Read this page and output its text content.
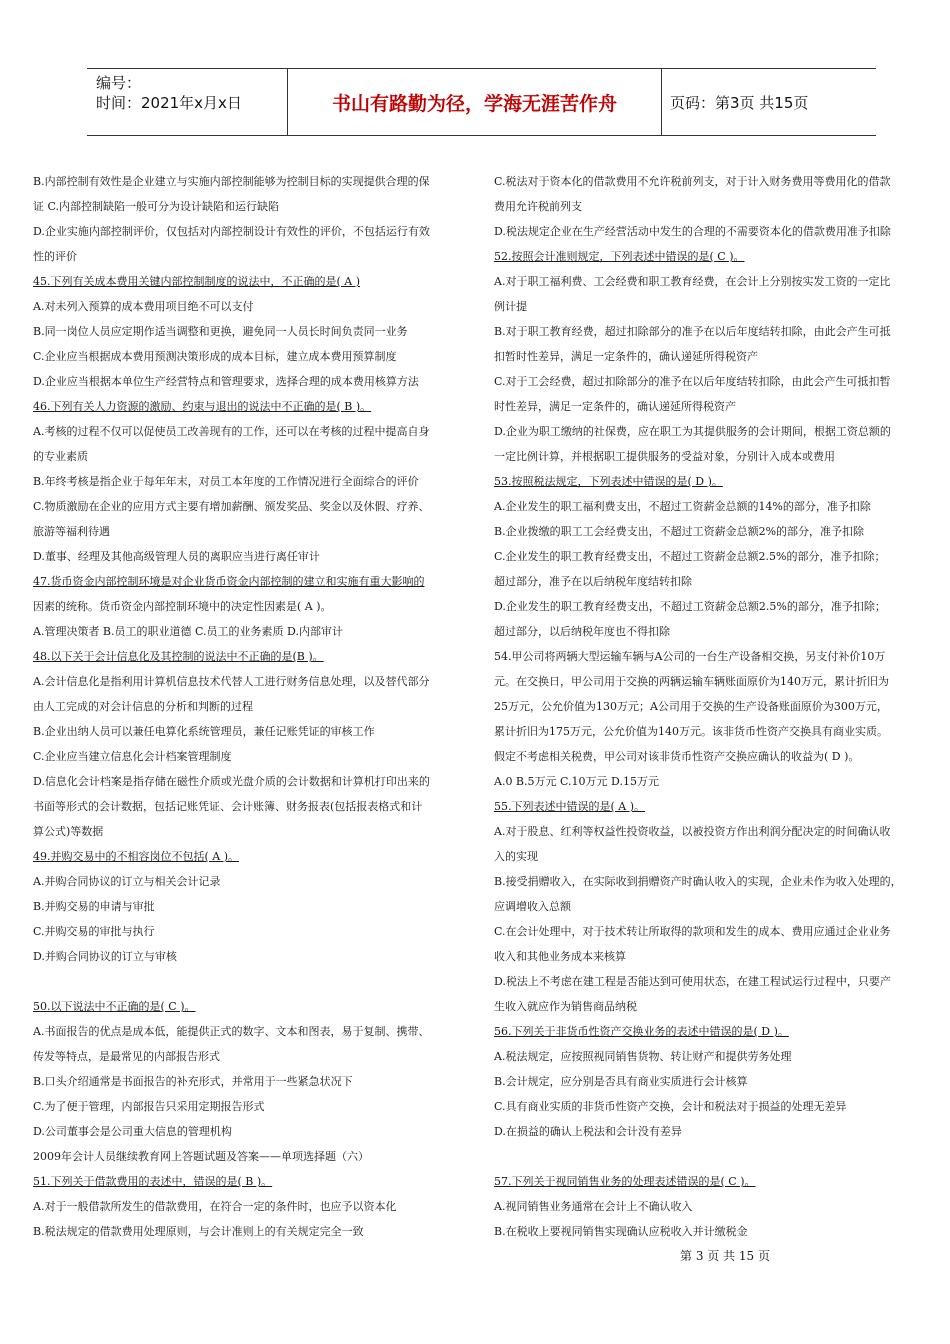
编号：
时间：2021年x月x日	书山有路勤为径，学海无涯苦作舟	页码：第3页 共15页

B.内部控制有效性是企业建立与实施内部控制能够为控制目标的实现提供合理的保

证 C.内部控制缺陷一般可分为设计缺陷和运行缺陷

D.企业实施内部控制评价，仅包括对内部控制设计有效性的评价，不包括运行有效

性的评价

45.下列有关成本费用关键内部控制制度的说法中，不正确的是( A )

A.对未列入预算的成本费用项目绝不可以支付

B.同一岗位人员应定期作适当调整和更换，避免同一人员长时间负责同一业务

C.企业应当根据成本费用预测决策形成的成本目标，建立成本费用预算制度

D.企业应当根据本单位生产经营特点和管理要求，选择合理的成本费用核算方法

46.下列有关人力资源的激励、约束与退出的说法中不正确的是( B )。

A.考核的过程不仅可以促使员工改善现有的工作，还可以在考核的过程中提高自身

的专业素质

B.年终考核是指企业于每年年末，对员工本年度的工作情况进行全面综合的评价

C.物质激励在企业的应用方式主要有增加薪酬、颁发奖品、奖金以及休假、疗养、

旅游等福利待遇

D.董事、经理及其他高级管理人员的离职应当进行离任审计

47.货币资金内部控制环境是对企业货币资金内部控制的建立和实施有重大影响的

因素的统称。货币资金内部控制环境中的决定性因素是( A )。

A.管理决策者 B.员工的职业道德 C.员工的业务素质 D.内部审计

48.以下关于会计信息化及其控制的说法中不正确的是(B )。

A.会计信息化是指利用计算机信息技术代替人工进行财务信息处理，以及替代部分

由人工完成的对会计信息的分析和判断的过程

B.企业出纳人员可以兼任电算化系统管理员，兼任记账凭证的审核工作

C.企业应当建立信息化会计档案管理制度

D.信息化会计档案是指存储在磁性介质或光盘介质的会计数据和计算机打印出来的

书面等形式的会计数据，包括记账凭证、会计账簿、财务报表(包括报表格式和计

算公式)等数据

49.并购交易中的不相容岗位不包括( A )。

A.并购合同协议的订立与相关会计记录

B.并购交易的申请与审批

C.并购交易的审批与执行

D.并购合同协议的订立与审核

50.以下说法中不正确的是( C )。

A.书面报告的优点是成本低，能提供正式的数字、文本和图表，易于复制、携带、

传发等特点，是最常见的内部报告形式

B.口头介绍通常是书面报告的补充形式，并常用于一些紧急状况下

C.为了便于管理，内部报告只采用定期报告形式

D.公司董事会是公司重大信息的管理机构

2009年会计人员继续教育网上答题试题及答案——单项选择题（六）

51.下列关于借款费用的表述中，错误的是( B )。

A.对于一般借款所发生的借款费用，在符合一定的条件时，也应予以资本化

B.税法规定的借款费用处理原则，与会计准则上的有关规定完全一致

C.税法对于资本化的借款费用不允许税前列支，对于计入财务费用等费用化的借款

费用允许税前列支

D.税法规定企业在生产经营活动中发生的合理的不需要资本化的借款费用准予扣除

52.按照会计准则规定，下列表述中错误的是( C )。

A.对于职工福利费、工会经费和职工教育经费，在会计上分别按实发工资的一定比

例计提

B.对于职工教育经费，超过扣除部分的准予在以后年度结转扣除，由此会产生可抵

扣暂时性差异，满足一定条件的，确认递延所得税资产

C.对于工会经费，超过扣除部分的准予在以后年度结转扣除，由此会产生可抵扣暂

时性差异，满足一定条件的，确认递延所得税资产

D.企业为职工缴纳的社保费，应在职工为其提供服务的会计期间，根据工资总额的

一定比例计算，并根据职工提供服务的受益对象，分别计入成本或费用

53.按照税法规定，下列表述中错误的是( D )。

A.企业发生的职工福利费支出，不超过工资薪金总额的14%的部分，准予扣除

B.企业拨缴的职工工会经费支出，不超过工资薪金总额2%的部分，准予扣除

C.企业发生的职工教育经费支出，不超过工资薪金总额2.5%的部分，准予扣除；

超过部分，准予在以后纳税年度结转扣除

D.企业发生的职工教育经费支出，不超过工资薪金总额2.5%的部分，准予扣除；

超过部分，以后纳税年度也不得扣除

54.甲公司将两辆大型运输车辆与A公司的一台生产设备相交换，另支付补价10万

元。在交换日，甲公司用于交换的两辆运输车辆账面原价为140万元，累计折旧为

25万元，公允价值为130万元；A公司用于交换的生产设备账面原价为300万元，

累计折旧为175万元，公允价值为140万元。该非货币性资产交换具有商业实质。

假定不考虑相关税费，甲公司对该非货币性资产交换应确认的收益为( D )。

A.0 B.5万元 C.10万元 D.15万元

55.下列表述中错误的是( A )。

A.对于股息、红利等权益性投资收益，以被投资方作出利润分配决定的时间确认收

入的实现

B.接受捐赠收入，在实际收到捐赠资产时确认收入的实现，企业未作为收入处理的，

应调增收入总额

C.在会计处理中，对于技术转让所取得的款项和发生的成本、费用应通过企业业务

收入和其他业务成本来核算

D.税法上不考虑在建工程是否能达到可使用状态，在建工程试运行过程中，只要产

生收入就应作为销售商品纳税

56.下列关于非货币性资产交换业务的表述中错误的是( D )。

A.税法规定，应按照视同销售货物、转让财产和提供劳务处理

B.会计规定，应分别是否具有商业实质进行会计核算

C.具有商业实质的非货币性资产交换，会计和税法对于损益的处理无差异

D.在损益的确认上税法和会计没有差异

57.下列关于视同销售业务的处理表述错误的是( C )。

A.视同销售业务通常在会计上不确认收入

B.在税收上要视同销售实现确认应税收入并计缴税金

第 3 页 共 15 页
